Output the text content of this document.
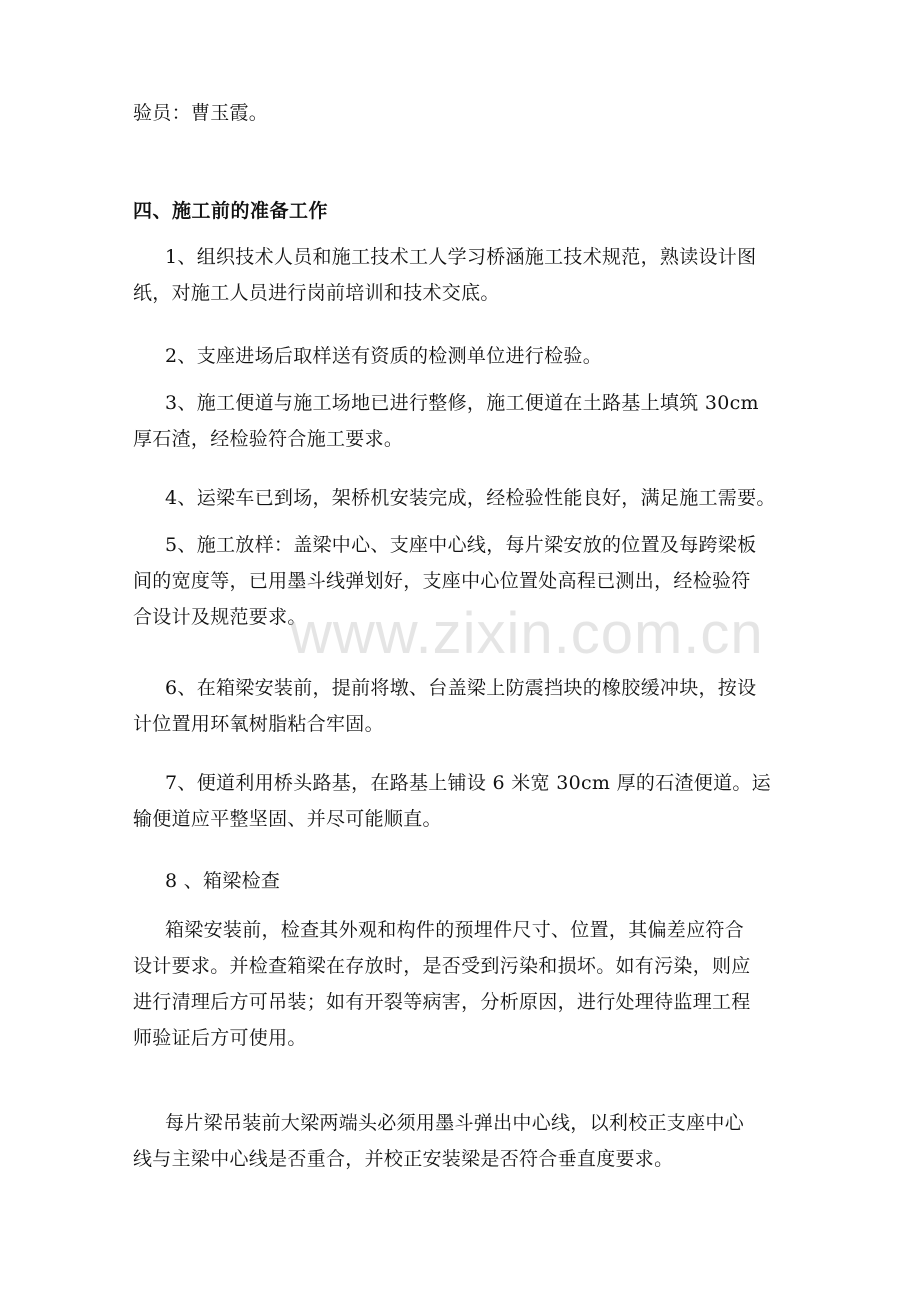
验员：曹玉霞。

四、施工前的准备工作

1、组织技术人员和施工技术工人学习桥涵施工技术规范，熟读设计图
纸，对施工人员进行岗前培训和技术交底。

2、支座进场后取样送有资质的检测单位进行检验。

3、施工便道与施工场地已进行整修，施工便道在土路基上填筑 30cm
厚石渣，经检验符合施工要求。

4、运梁车已到场，架桥机安装完成，经检验性能良好，满足施工需要。

5、施工放样：盖梁中心、支座中心线，每片梁安放的位置及每跨梁板
间的宽度等，已用墨斗线弹划好，支座中心位置处高程已测出，经检验符
合设计及规范要求。

6、在箱梁安装前，提前将墩、台盖梁上防震挡块的橡胶缓冲块，按设
计位置用环氧树脂粘合牢固。

7、便道利用桥头路基，在路基上铺设 6 米宽 30cm 厚的石渣便道。运
输便道应平整坚固、并尽可能顺直。

8 、箱梁检查

箱梁安装前，检查其外观和构件的预埋件尺寸、位置，其偏差应符合
设计要求。并检查箱梁在存放时，是否受到污染和损坏。如有污染，则应
进行清理后方可吊装；如有开裂等病害，分析原因，进行处理待监理工程
师验证后方可使用。

每片梁吊装前大梁两端头必须用墨斗弹出中心线，以利校正支座中心
线与主梁中心线是否重合，并校正安装梁是否符合垂直度要求。

www.zixin.com.cn
